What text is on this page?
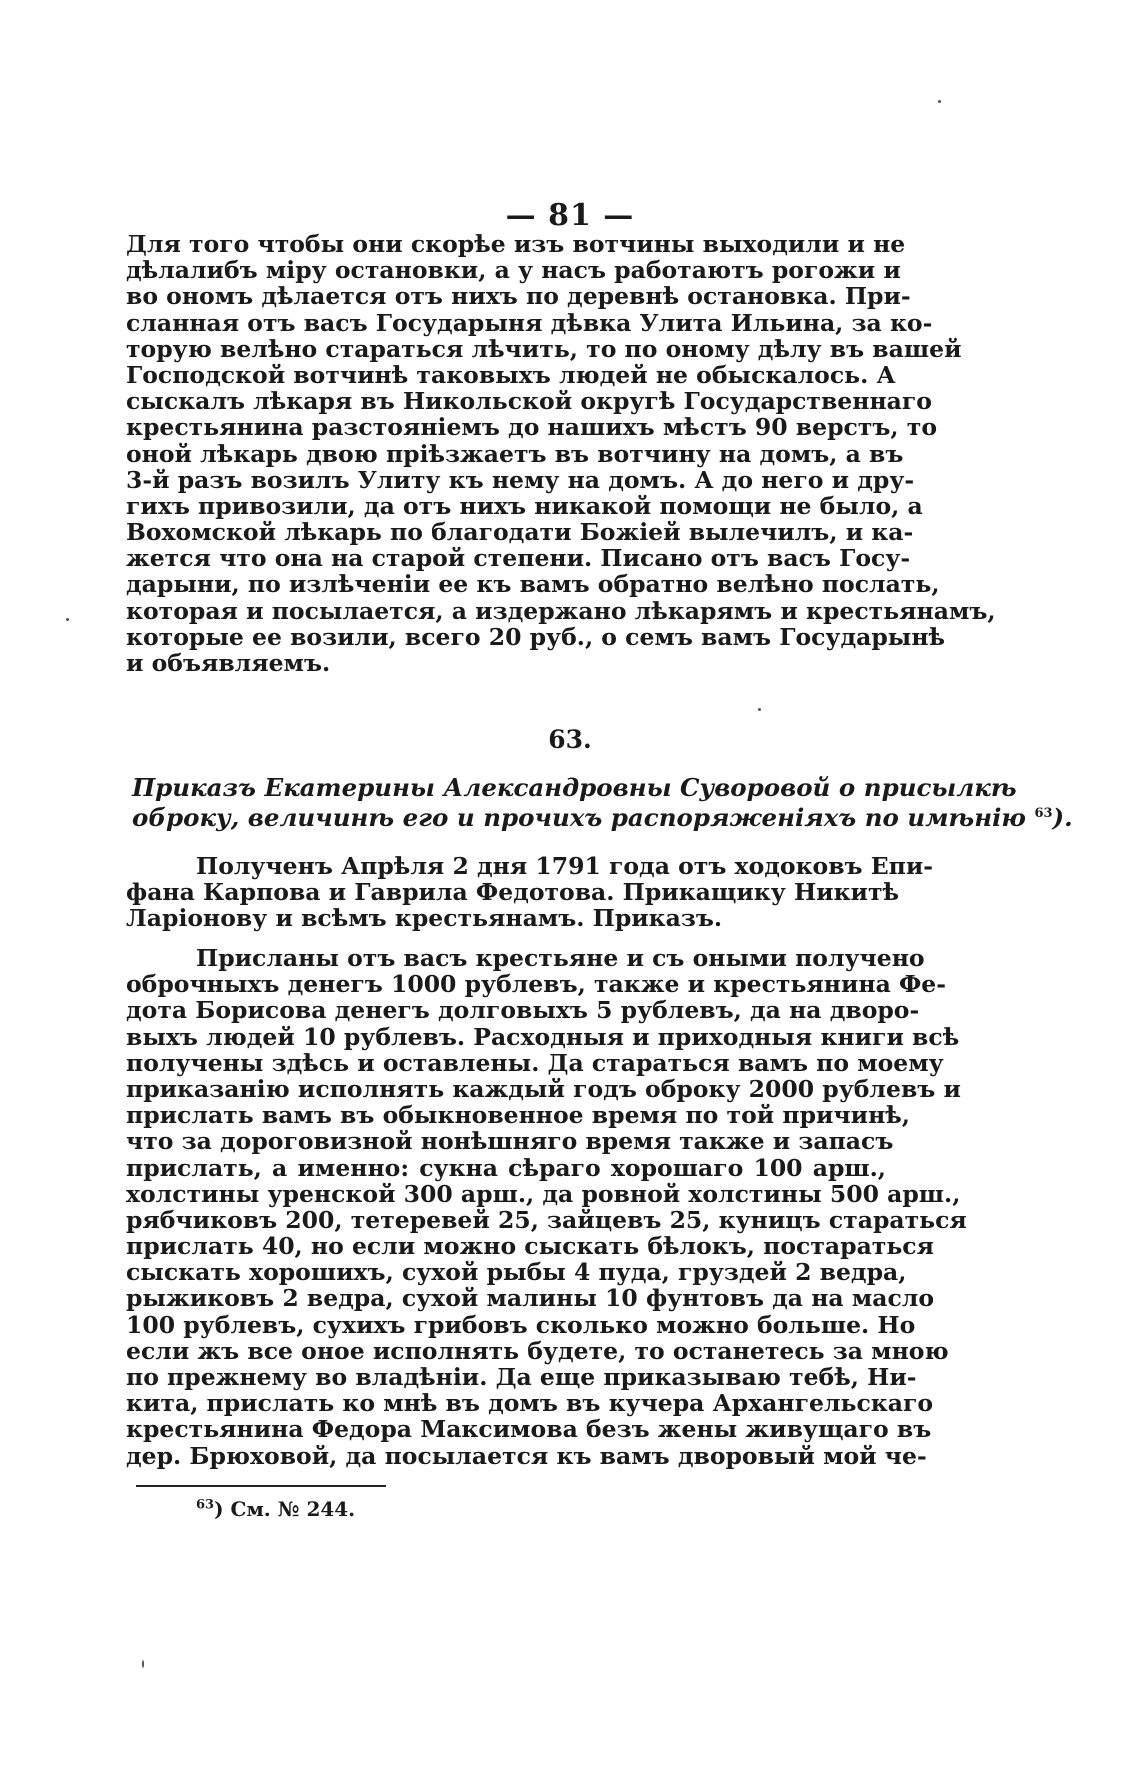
— 81 —
Для того чтобы они скорѣе изъ вотчины выходили и не
дѣлалибъ міру остановки, а у насъ работаютъ рогожи и
во ономъ дѣлается отъ нихъ по деревнѣ остановка. При-
сланная отъ васъ Государыня дѣвка Улита Ильина, за ко-
торую велѣно стараться лѣчить, то по оному дѣлу въ вашей
Господской вотчинѣ таковыхъ людей не обыскалось. А
сыскалъ лѣкаря въ Никольской округѣ Государственнаго
крестьянина разстояніемъ до нашихъ мѣстъ 90 верстъ, то
оной лѣкарь двою пріѣзжаетъ въ вотчину на домъ, а въ
3-й разъ возилъ Улиту къ нему на домъ. А до него и дру-
гихъ привозили, да отъ нихъ никакой помощи не было, а
Вохомской лѣкарь по благодати Божіей вылечилъ, и ка-
жется что она на старой степени. Писано отъ васъ Госу-
дарыни, по излѣченіи ее къ вамъ обратно велѣно послать,
которая и посылается, а издержано лѣкарямъ и крестьянамъ,
которые ее возили, всего 20 руб., о семъ вамъ Государынѣ
и объявляемъ.
63.
Приказъ Екатерины Александровны Суворовой о присылкѣ
оброку, величинѣ его и прочихъ распоряженіяхъ по имѣнію $^{63}$).
Полученъ Апрѣля 2 дня 1791 года отъ ходоковъ Епи-
фана Карпова и Гаврила Федотова. Прикащику Никитѣ
Ларіонову и всѣмъ крестьянамъ. Приказъ.
Присланы отъ васъ крестьяне и съ оными получено
оброчныхъ денегъ 1000 рублевъ, также и крестьянина Фе-
дота Борисова денегъ долговыхъ 5 рублевъ, да на дворо-
выхъ людей 10 рублевъ. Расходныя и приходныя книги всѣ
получены здѣсь и оставлены. Да стараться вамъ по моему
приказанію исполнять каждый годъ оброку 2000 рублевъ и
прислать вамъ въ обыкновенное время по той причинѣ,
что за дороговизной нонѣшняго время также и запасъ
прислать, а именно: сукна сѣраго хорошаго 100 арш.,
холстины уренской 300 арш., да ровной холстины 500 арш.,
рябчиковъ 200, тетеревей 25, зайцевъ 25, куницъ стараться
прислать 40, но если можно сыскать бѣлокъ, постараться
сыскать хорошихъ, сухой рыбы 4 пуда, груздей 2 ведра,
рыжиковъ 2 ведра, сухой малины 10 фунтовъ да на масло
100 рублевъ, сухихъ грибовъ сколько можно больше. Но
если жъ все оное исполнять будете, то останетесь за мною
по прежнему во владѣніи. Да еще приказываю тебѣ, Ни-
кита, прислать ко мнѣ въ домъ въ кучера Архангельскаго
крестьянина Федора Максимова безъ жены живущаго въ
дер. Брюховой, да посылается къ вамъ дворовый мой че-
$^{63}$) См. № 244.
